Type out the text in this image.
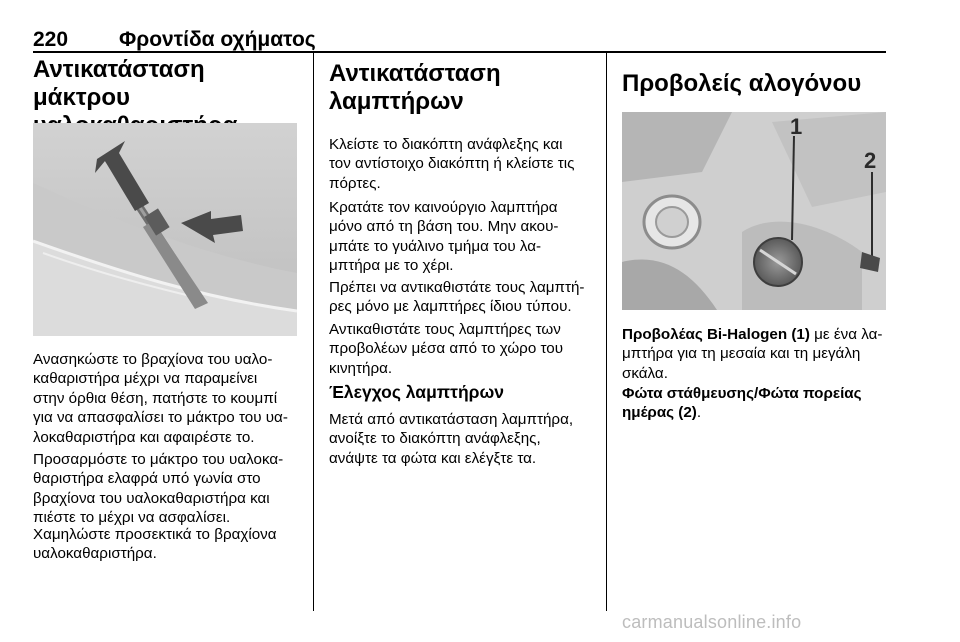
220 Φροντίδα οχήματος
Αντικατάσταση μάκτρου

Ανασηκώστε το βραχίονα του υαλο-
καθαριστήρα μέχρι να παραμείνει
στην όρθια θέση, πατήστε το κουμπί
για να απασφαλίσει το μάκτρο του υα-
λοκαθαριστήρα και αφαιρέστε το.

Προσαρμόστε το μάκτρο του υαλοκα-
θαριστήρα ελαφρά υπό γωνία στο
βραχίονα του υαλοκαθαριστήρα και
πιέστε το μέχρι να ασφαλίσει.

Χαμηλώστε προσεκτικά το βραχίονα
υαλοκαθαριστήρα.

Αντικατάσταση
λαμπτήρων

Κλείστε το διακόπτη ανάφλεξης και
τον αντίστοιχο διακόπτη ή κλείστε τις
πόρτες.

Κρατάτε τον καινούργιο λαμπτήρα
μόνο από τη βάση του. Μην ακου-
μπάτε το γυάλινο τμήμα του λα-
μπτήρα με το χέρι.

Πρέπει να αντικαθιστάτε τους λαμπτή-
ρες μόνο με λαμπτήρες ίδιου τύπου.

Αντικαθιστάτε τους λαμπτήρες των
προβολέων μέσα από το χώρο του
κινητήρα.

Έλεγχος λαμπτήρων

Μετά από αντικατάσταση λαμπτήρα,
ανοίξτε το διακόπτη ανάφλεξης,
ανάψτε τα φώτα και ελέγξτε τα.

Προβολείς αλογόνου
1
2

Προβολέας Bi-Halogen (1) με ένα λα-
μπτήρα για τη μεσαία και τη μεγάλη
σκάλα.

Φώτα στάθμευσης/Φώτα πορείας
ημέρας (2).

carmanualsonline.info
